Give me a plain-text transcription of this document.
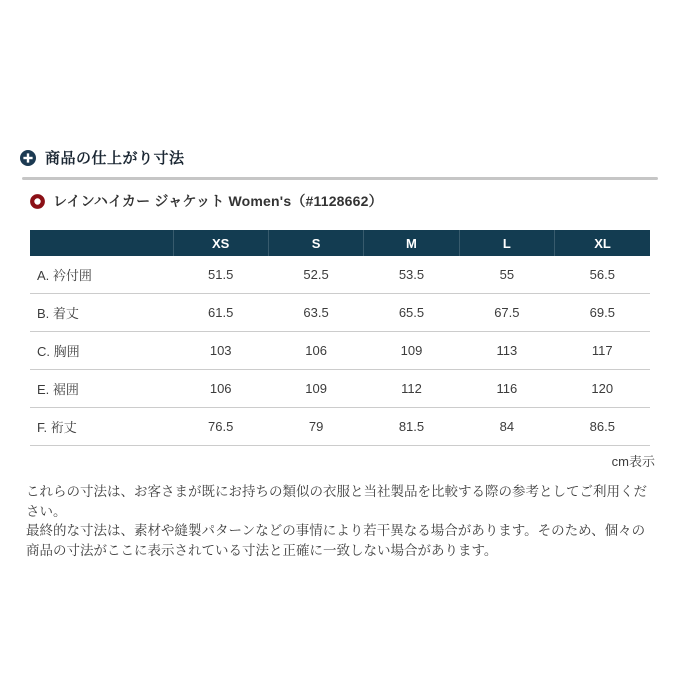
商品の仕上がり寸法
レインハイカー ジャケット Women's（#1128662）
	XS	S	M	L	XL
A. 衿付囲	51.5	52.5	53.5	55	56.5
B. 着丈	61.5	63.5	65.5	67.5	69.5
C. 胸囲	103	106	109	113	117
E. 裾囲	106	109	112	116	120
F. 裄丈	76.5	79	81.5	84	86.5
cm表示
これらの寸法は、お客さまが既にお持ちの類似の衣服と当社製品を比較する際の参考としてご利用ください。
最終的な寸法は、素材や縫製パターンなどの事情により若干異なる場合があります。そのため、個々の商品の寸法がここに表示されている寸法と正確に一致しない場合があります。
